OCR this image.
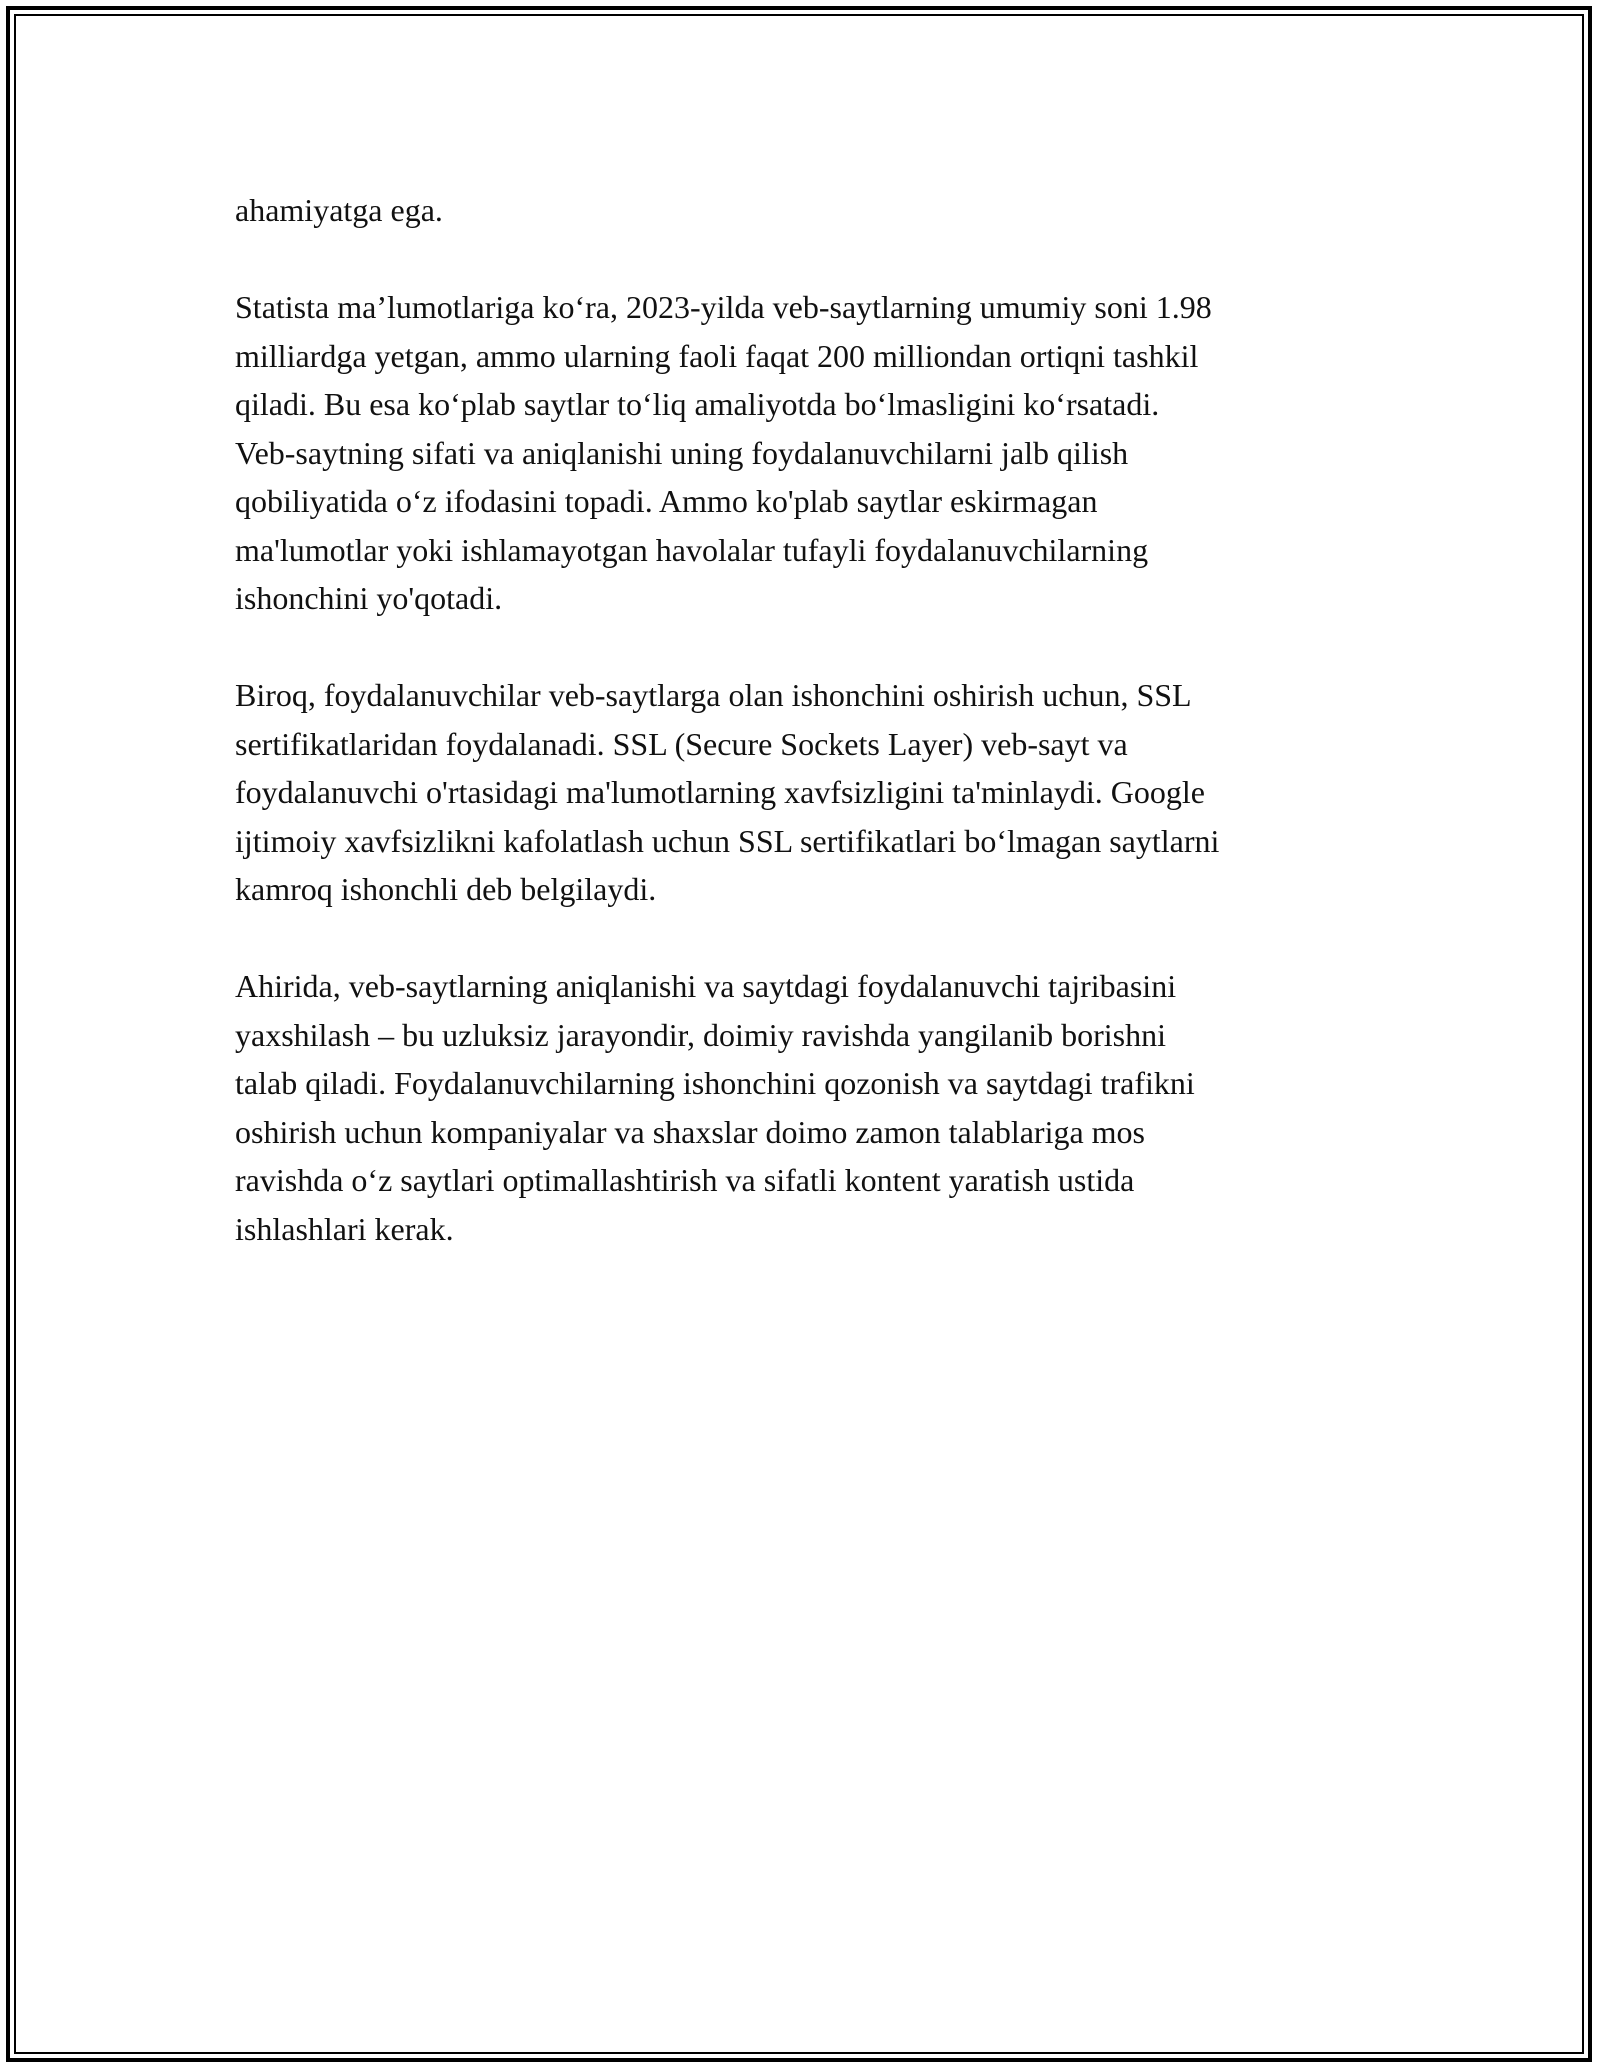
ahamiyatga ega.

Statista ma’lumotlariga ko‘ra, 2023-yilda veb-saytlarning umumiy soni 1.98
milliardga yetgan, ammo ularning faoli faqat 200 milliondan ortiqni tashkil
qiladi. Bu esa ko‘plab saytlar to‘liq amaliyotda bo‘lmasligini ko‘rsatadi.
Veb-saytning sifati va aniqlanishi uning foydalanuvchilarni jalb qilish
qobiliyatida o‘z ifodasini topadi. Ammo ko'plab saytlar eskirmagan
ma'lumotlar yoki ishlamayotgan havolalar tufayli foydalanuvchilarning
ishonchini yo'qotadi.

Biroq, foydalanuvchilar veb-saytlarga olan ishonchini oshirish uchun, SSL
sertifikatlaridan foydalanadi. SSL (Secure Sockets Layer) veb-sayt va
foydalanuvchi o'rtasidagi ma'lumotlarning xavfsizligini ta'minlaydi. Google
ijtimoiy xavfsizlikni kafolatlash uchun SSL sertifikatlari bo‘lmagan saytlarni
kamroq ishonchli deb belgilaydi.

Ahirida, veb-saytlarning aniqlanishi va saytdagi foydalanuvchi tajribasini
yaxshilash – bu uzluksiz jarayondir, doimiy ravishda yangilanib borishni
talab qiladi. Foydalanuvchilarning ishonchini qozonish va saytdagi trafikni
oshirish uchun kompaniyalar va shaxslar doimo zamon talablariga mos
ravishda o‘z saytlari optimallashtirish va sifatli kontent yaratish ustida
ishlashlari kerak.
